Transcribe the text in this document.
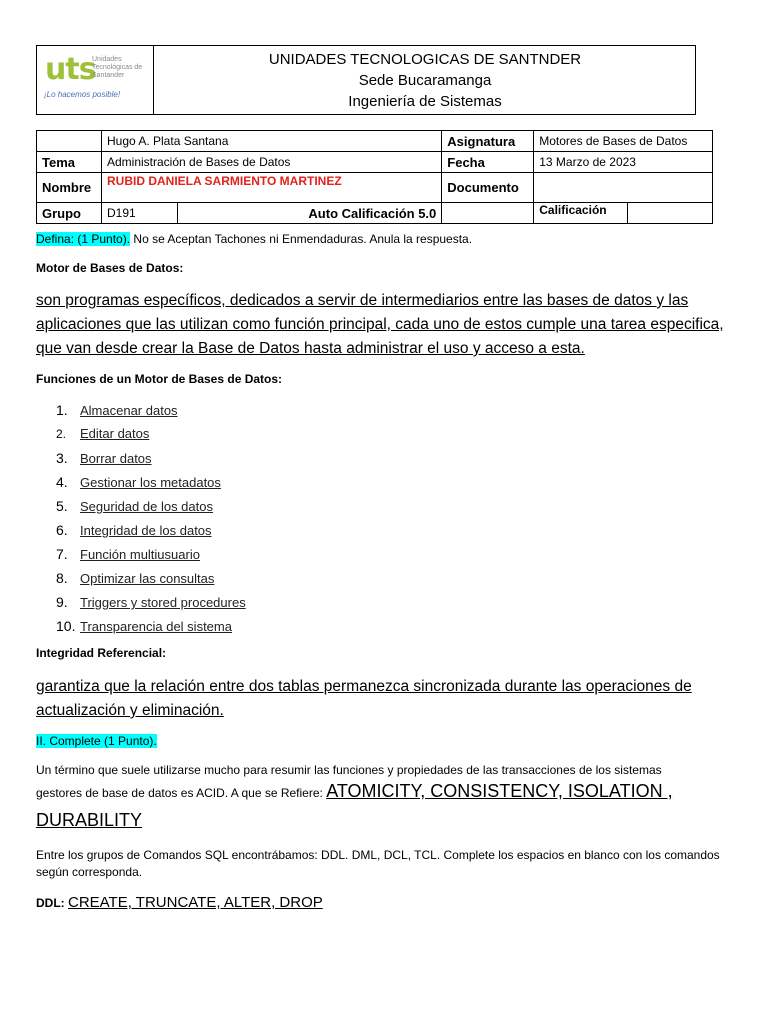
uts
Unidades Tecnológicas de Santander
¡Lo hacemos posible!
UNIDADES TECNOLOGICAS DE SANTNDER
Sede Bucaramanga
Ingeniería de Sistemas
	Hugo A. Plata Santana		Asignatura	Motores de Bases de Datos	
Tema	Administración de Bases de Datos		Fecha	13 Marzo de 2023	
Nombre	RUBID DANIELA SARMIENTO MARTINEZ		Documento		
Grupo	D191	Auto Calificación 5.0		Calificación	
Defina: (1 Punto). No se Aceptan Tachones ni Enmendaduras. Anula la respuesta.
Motor de Bases de Datos:
son programas específicos, dedicados a servir de intermediarios entre las bases de datos y las aplicaciones que las utilizan como función principal, cada uno de estos cumple una tarea especifica, que van desde crear la Base de Datos hasta administrar el uso y acceso a esta.
Funciones de un Motor de Bases de Datos:
1. Almacenar datos
2. Editar datos
3. Borrar datos
4. Gestionar los metadatos
5. Seguridad de los datos
6. Integridad de los datos
7. Función multiusuario
8. Optimizar las consultas
9. Triggers y stored procedures
10. Transparencia del sistema
Integridad Referencial:
garantiza que la relación entre dos tablas permanezca sincronizada durante las operaciones de actualización y eliminación.
II. Complete (1 Punto).
Un término que suele utilizarse mucho para resumir las funciones y propiedades de las transacciones de los sistemas
gestores de base de datos es ACID. A que se Refiere: ATOMICITY, CONSISTENCY, ISOLATION ,
DURABILITY
Entre los grupos de Comandos SQL encontrábamos: DDL. DML, DCL, TCL. Complete los espacios en blanco con los comandos según corresponda.
DDL: CREATE, TRUNCATE, ALTER, DROP
